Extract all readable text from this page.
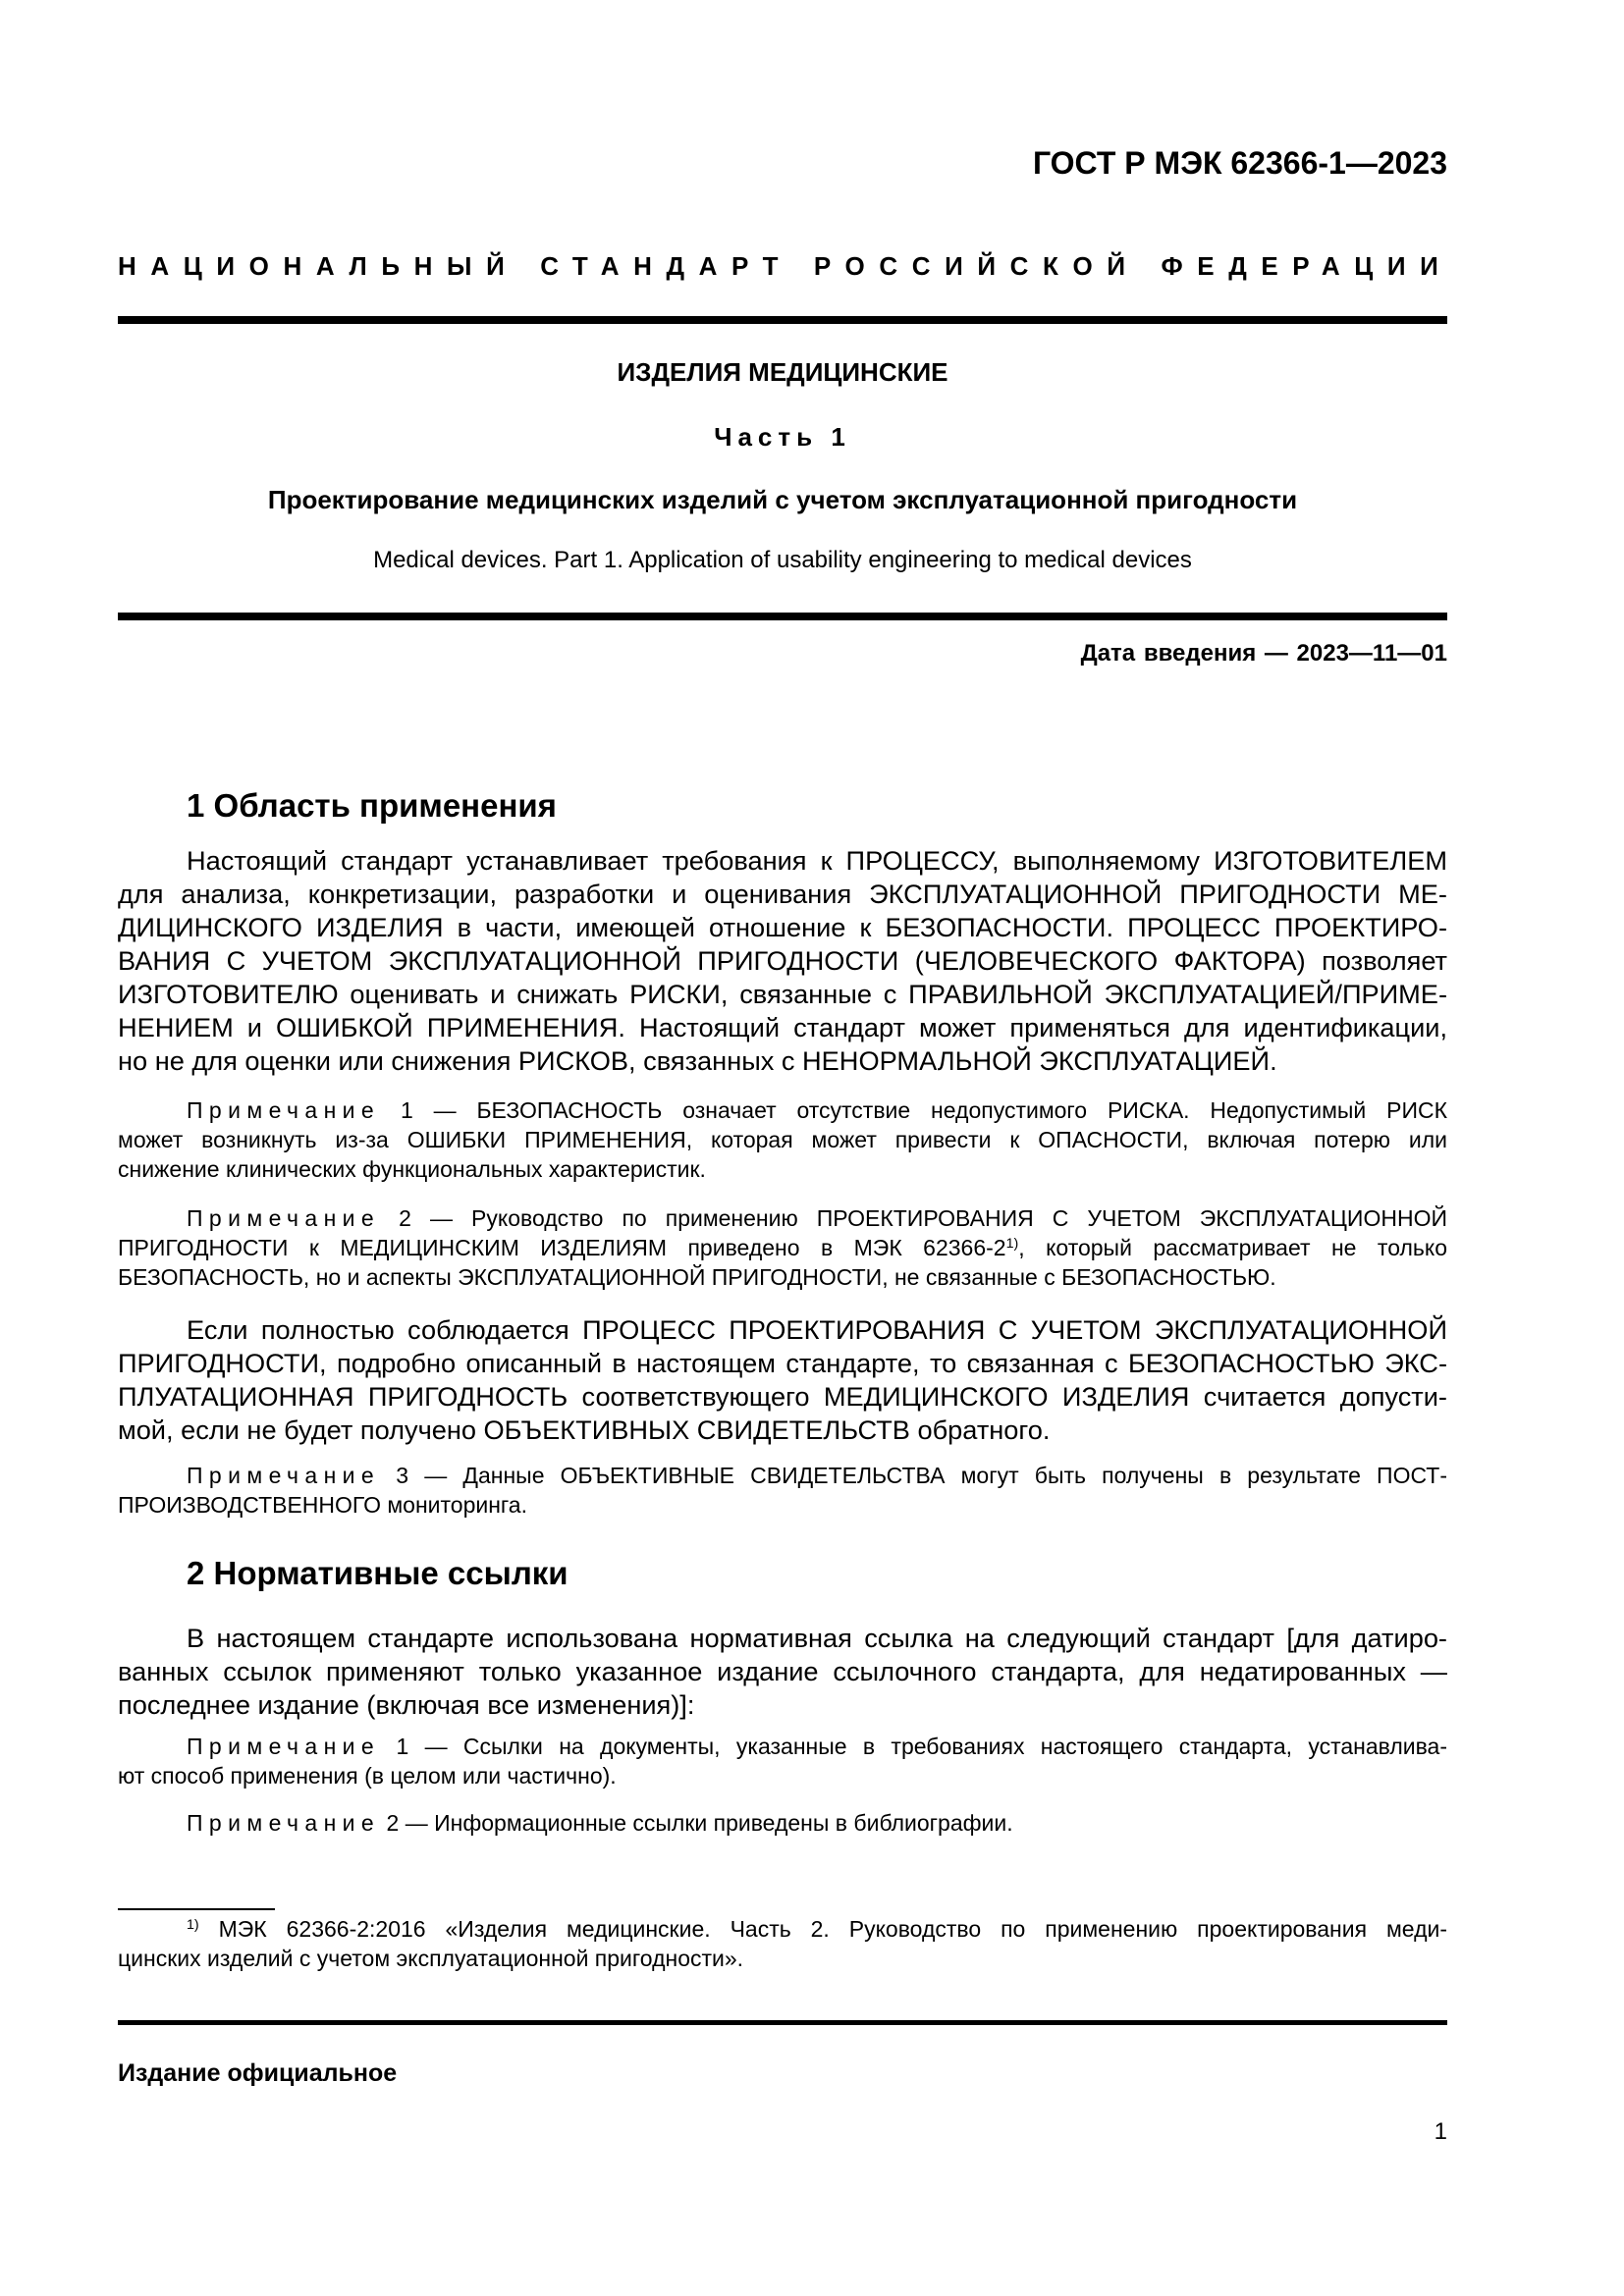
ГОСТ Р МЭК 62366-1—2023
НАЦИОНАЛЬНЫЙ СТАНДАРТ РОССИЙСКОЙ ФЕДЕРАЦИИ
ИЗДЕЛИЯ МЕДИЦИНСКИЕ
Часть 1
Проектирование медицинских изделий с учетом эксплуатационной пригодности
Medical devices. Part 1. Application of usability engineering to medical devices
Дата введения — 2023—11—01
1 Область применения
Настоящий стандарт устанавливает требования к ПРОЦЕССУ, выполняемому ИЗГОТОВИТЕЛЕМ
для анализа, конкретизации, разработки и оценивания ЭКСПЛУАТАЦИОННОЙ ПРИГОДНОСТИ МЕ-
ДИЦИНСКОГО ИЗДЕЛИЯ в части, имеющей отношение к БЕЗОПАСНОСТИ. ПРОЦЕСС ПРОЕКТИРО-
ВАНИЯ С УЧЕТОМ ЭКСПЛУАТАЦИОННОЙ ПРИГОДНОСТИ (ЧЕЛОВЕЧЕСКОГО ФАКТОРА) позволяет
ИЗГОТОВИТЕЛЮ оценивать и снижать РИСКИ, связанные с ПРАВИЛЬНОЙ ЭКСПЛУАТАЦИЕЙ/ПРИМЕ-
НЕНИЕМ и ОШИБКОЙ ПРИМЕНЕНИЯ. Настоящий стандарт может применяться для идентификации,
но не для оценки или снижения РИСКОВ, связанных с НЕНОРМАЛЬНОЙ ЭКСПЛУАТАЦИЕЙ.
Примечание 1 — БЕЗОПАСНОСТЬ означает отсутствие недопустимого РИСКА. Недопустимый РИСК
может возникнуть из-за ОШИБКИ ПРИМЕНЕНИЯ, которая может привести к ОПАСНОСТИ, включая потерю или
снижение клинических функциональных характеристик.
Примечание 2 — Руководство по применению ПРОЕКТИРОВАНИЯ С УЧЕТОМ ЭКСПЛУАТАЦИОННОЙ
ПРИГОДНОСТИ к МЕДИЦИНСКИМ ИЗДЕЛИЯМ приведено в МЭК 62366-2$^{1)}$, который рассматривает не только
БЕЗОПАСНОСТЬ, но и аспекты ЭКСПЛУАТАЦИОННОЙ ПРИГОДНОСТИ, не связанные с БЕЗОПАСНОСТЬЮ.
Если полностью соблюдается ПРОЦЕСС ПРОЕКТИРОВАНИЯ С УЧЕТОМ ЭКСПЛУАТАЦИОННОЙ
ПРИГОДНОСТИ, подробно описанный в настоящем стандарте, то связанная с БЕЗОПАСНОСТЬЮ ЭКС-
ПЛУАТАЦИОННАЯ ПРИГОДНОСТЬ соответствующего МЕДИЦИНСКОГО ИЗДЕЛИЯ считается допусти-
мой, если не будет получено ОБЪЕКТИВНЫХ СВИДЕТЕЛЬСТВ обратного.
Примечание 3 — Данные ОБЪЕКТИВНЫЕ СВИДЕТЕЛЬСТВА могут быть получены в результате ПОСТ-
ПРОИЗВОДСТВЕННОГО мониторинга.
2 Нормативные ссылки
В настоящем стандарте использована нормативная ссылка на следующий стандарт [для датиро-
ванных ссылок применяют только указанное издание ссылочного стандарта, для недатированных —
последнее издание (включая все изменения)]:
Примечание 1 — Ссылки на документы, указанные в требованиях настоящего стандарта, устанавлива-
ют способ применения (в целом или частично).
Примечание 2 — Информационные ссылки приведены в библиографии.
$^{1)}$ МЭК 62366-2:2016 «Изделия медицинские. Часть 2. Руководство по применению проектирования меди-
цинских изделий с учетом эксплуатационной пригодности».
Издание официальное
1
